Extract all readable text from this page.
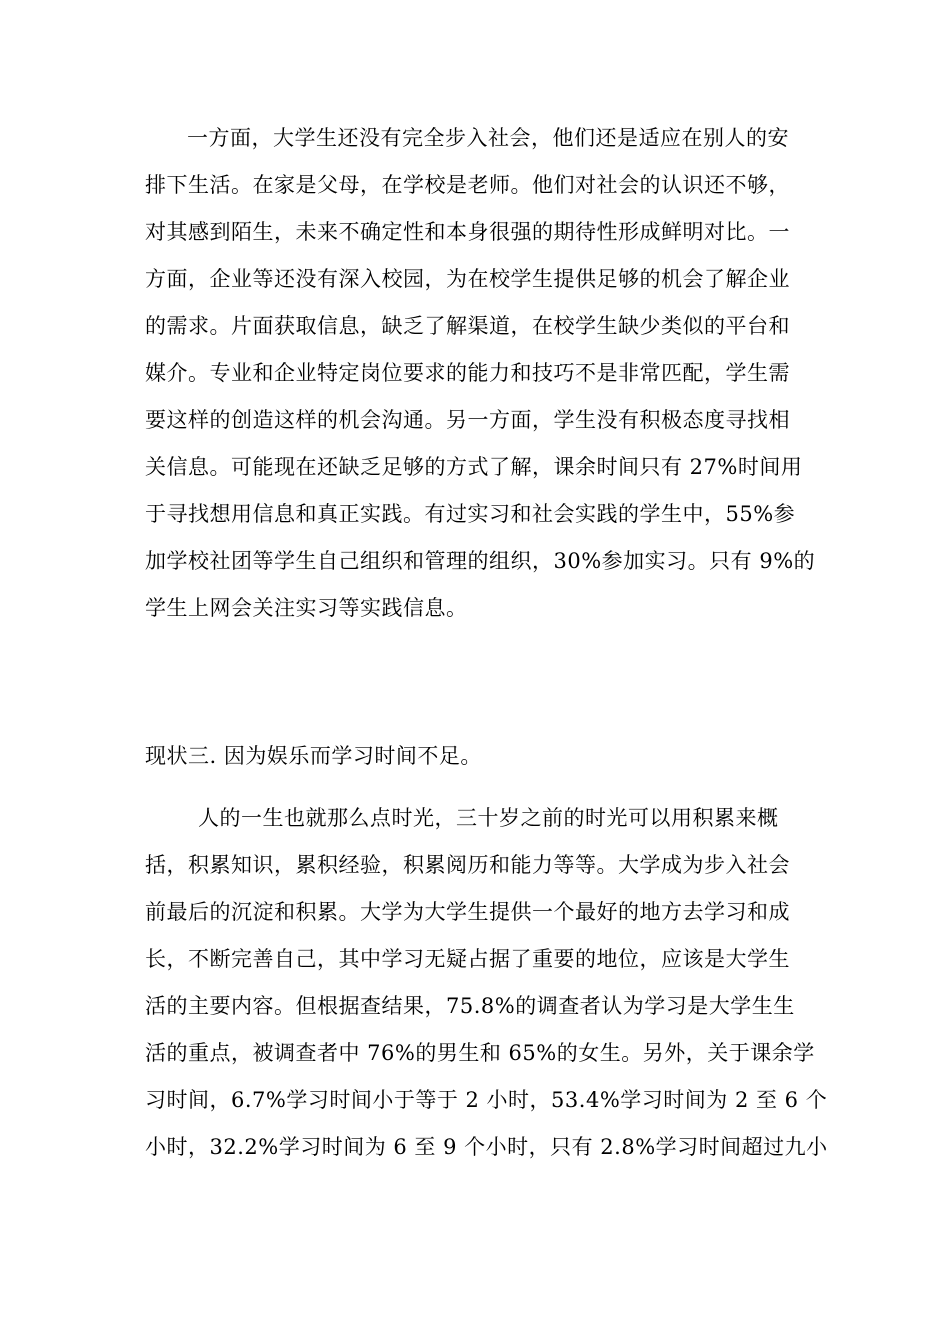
一方面，大学生还没有完全步入社会，他们还是适应在别人的安
排下生活。在家是父母，在学校是老师。他们对社会的认识还不够，
对其感到陌生，未来不确定性和本身很强的期待性形成鲜明对比。一
方面，企业等还没有深入校园，为在校学生提供足够的机会了解企业
的需求。片面获取信息，缺乏了解渠道，在校学生缺少类似的平台和
媒介。专业和企业特定岗位要求的能力和技巧不是非常匹配，学生需
要这样的创造这样的机会沟通。另一方面，学生没有积极态度寻找相
关信息。可能现在还缺乏足够的方式了解，课余时间只有 27%时间用
于寻找想用信息和真正实践。有过实习和社会实践的学生中，55%参
加学校社团等学生自己组织和管理的组织，30%参加实习。只有 9%的
学生上网会关注实习等实践信息。
现状三. 因为娱乐而学习时间不足。
人的一生也就那么点时光，三十岁之前的时光可以用积累来概
括，积累知识，累积经验，积累阅历和能力等等。大学成为步入社会
前最后的沉淀和积累。大学为大学生提供一个最好的地方去学习和成
长，不断完善自己，其中学习无疑占据了重要的地位，应该是大学生
活的主要内容。但根据查结果，75.8%的调查者认为学习是大学生生
活的重点，被调查者中 76%的男生和 65%的女生。另外，关于课余学
习时间，6.7%学习时间小于等于 2 小时，53.4%学习时间为 2 至 6 个
小时，32.2%学习时间为 6 至 9 个小时，只有 2.8%学习时间超过九小
